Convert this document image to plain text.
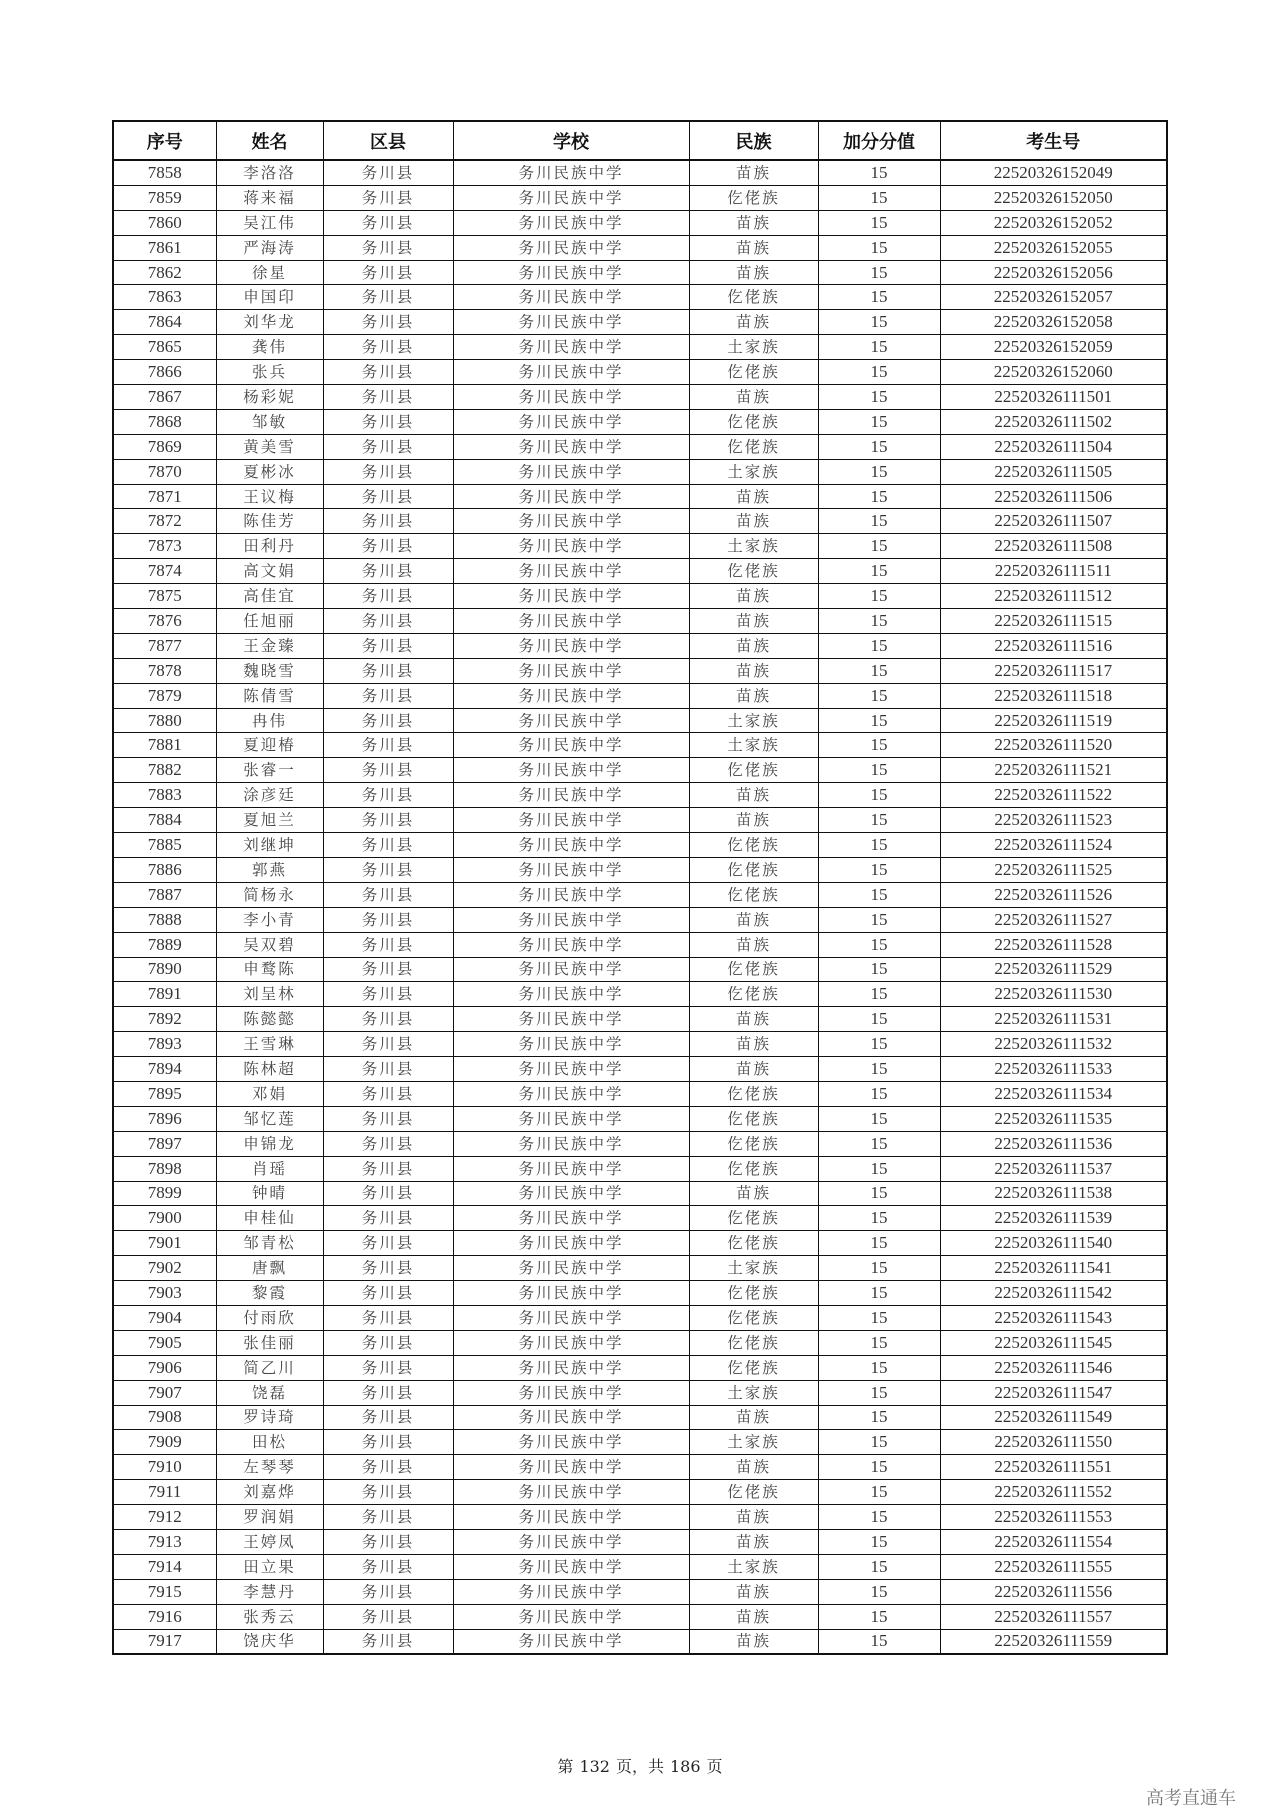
序号	姓名	区县	学校	民族	加分分值	考生号
7858	李洛洛	务川县	务川民族中学	苗族	15	22520326152049
7859	蒋来福	务川县	务川民族中学	仡佬族	15	22520326152050
7860	吴江伟	务川县	务川民族中学	苗族	15	22520326152052
7861	严海涛	务川县	务川民族中学	苗族	15	22520326152055
7862	徐星	务川县	务川民族中学	苗族	15	22520326152056
7863	申国印	务川县	务川民族中学	仡佬族	15	22520326152057
7864	刘华龙	务川县	务川民族中学	苗族	15	22520326152058
7865	龚伟	务川县	务川民族中学	土家族	15	22520326152059
7866	张兵	务川县	务川民族中学	仡佬族	15	22520326152060
7867	杨彩妮	务川县	务川民族中学	苗族	15	22520326111501
7868	邹敏	务川县	务川民族中学	仡佬族	15	22520326111502
7869	黄美雪	务川县	务川民族中学	仡佬族	15	22520326111504
7870	夏彬冰	务川县	务川民族中学	土家族	15	22520326111505
7871	王议梅	务川县	务川民族中学	苗族	15	22520326111506
7872	陈佳芳	务川县	务川民族中学	苗族	15	22520326111507
7873	田利丹	务川县	务川民族中学	土家族	15	22520326111508
7874	高文娟	务川县	务川民族中学	仡佬族	15	22520326111511
7875	高佳宜	务川县	务川民族中学	苗族	15	22520326111512
7876	任旭丽	务川县	务川民族中学	苗族	15	22520326111515
7877	王金臻	务川县	务川民族中学	苗族	15	22520326111516
7878	魏晓雪	务川县	务川民族中学	苗族	15	22520326111517
7879	陈倩雪	务川县	务川民族中学	苗族	15	22520326111518
7880	冉伟	务川县	务川民族中学	土家族	15	22520326111519
7881	夏迎椿	务川县	务川民族中学	土家族	15	22520326111520
7882	张睿一	务川县	务川民族中学	仡佬族	15	22520326111521
7883	涂彦廷	务川县	务川民族中学	苗族	15	22520326111522
7884	夏旭兰	务川县	务川民族中学	苗族	15	22520326111523
7885	刘继坤	务川县	务川民族中学	仡佬族	15	22520326111524
7886	郭燕	务川县	务川民族中学	仡佬族	15	22520326111525
7887	简杨永	务川县	务川民族中学	仡佬族	15	22520326111526
7888	李小青	务川县	务川民族中学	苗族	15	22520326111527
7889	吴双碧	务川县	务川民族中学	苗族	15	22520326111528
7890	申鹜陈	务川县	务川民族中学	仡佬族	15	22520326111529
7891	刘呈林	务川县	务川民族中学	仡佬族	15	22520326111530
7892	陈懿懿	务川县	务川民族中学	苗族	15	22520326111531
7893	王雪琳	务川县	务川民族中学	苗族	15	22520326111532
7894	陈林超	务川县	务川民族中学	苗族	15	22520326111533
7895	邓娟	务川县	务川民族中学	仡佬族	15	22520326111534
7896	邹忆莲	务川县	务川民族中学	仡佬族	15	22520326111535
7897	申锦龙	务川县	务川民族中学	仡佬族	15	22520326111536
7898	肖瑶	务川县	务川民族中学	仡佬族	15	22520326111537
7899	钟晴	务川县	务川民族中学	苗族	15	22520326111538
7900	申桂仙	务川县	务川民族中学	仡佬族	15	22520326111539
7901	邹青松	务川县	务川民族中学	仡佬族	15	22520326111540
7902	唐飘	务川县	务川民族中学	土家族	15	22520326111541
7903	黎霞	务川县	务川民族中学	仡佬族	15	22520326111542
7904	付雨欣	务川县	务川民族中学	仡佬族	15	22520326111543
7905	张佳丽	务川县	务川民族中学	仡佬族	15	22520326111545
7906	简乙川	务川县	务川民族中学	仡佬族	15	22520326111546
7907	饶磊	务川县	务川民族中学	土家族	15	22520326111547
7908	罗诗琦	务川县	务川民族中学	苗族	15	22520326111549
7909	田松	务川县	务川民族中学	土家族	15	22520326111550
7910	左琴琴	务川县	务川民族中学	苗族	15	22520326111551
7911	刘嘉烨	务川县	务川民族中学	仡佬族	15	22520326111552
7912	罗润娟	务川县	务川民族中学	苗族	15	22520326111553
7913	王婷凤	务川县	务川民族中学	苗族	15	22520326111554
7914	田立果	务川县	务川民族中学	土家族	15	22520326111555
7915	李慧丹	务川县	务川民族中学	苗族	15	22520326111556
7916	张秀云	务川县	务川民族中学	苗族	15	22520326111557
7917	饶庆华	务川县	务川民族中学	苗族	15	22520326111559
第 132 页，共 186 页
高考直通车
